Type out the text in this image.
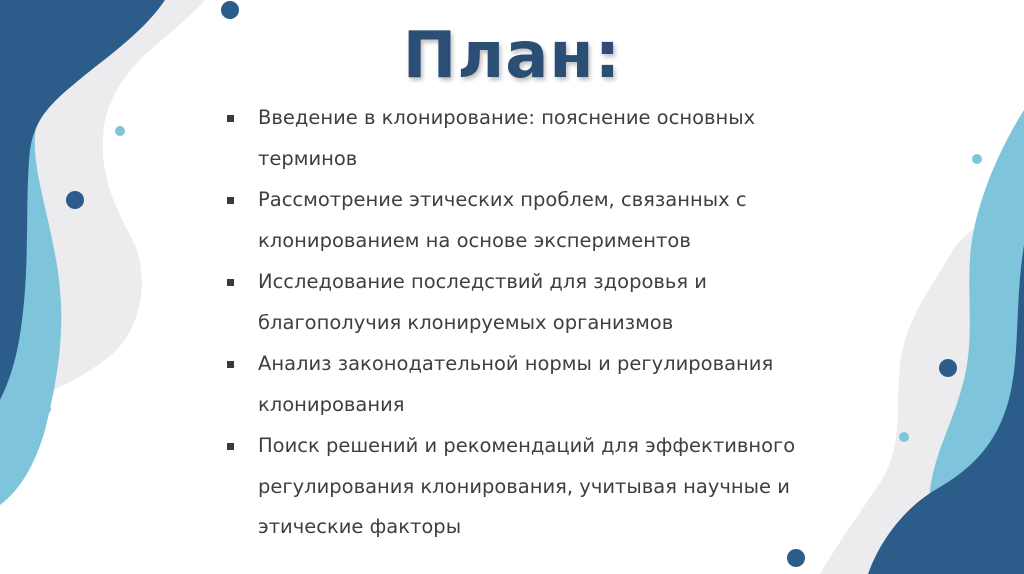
План:
Введение в клонирование: пояснение основных терминов
Рассмотрение этических проблем, связанных с клонированием на основе экспериментов
Исследование последствий для здоровья и благополучия клонируемых организмов
Анализ законодательной нормы и регулирования клонирования
Поиск решений и рекомендаций для эффективного регулирования клонирования, учитывая научные и этические факторы
